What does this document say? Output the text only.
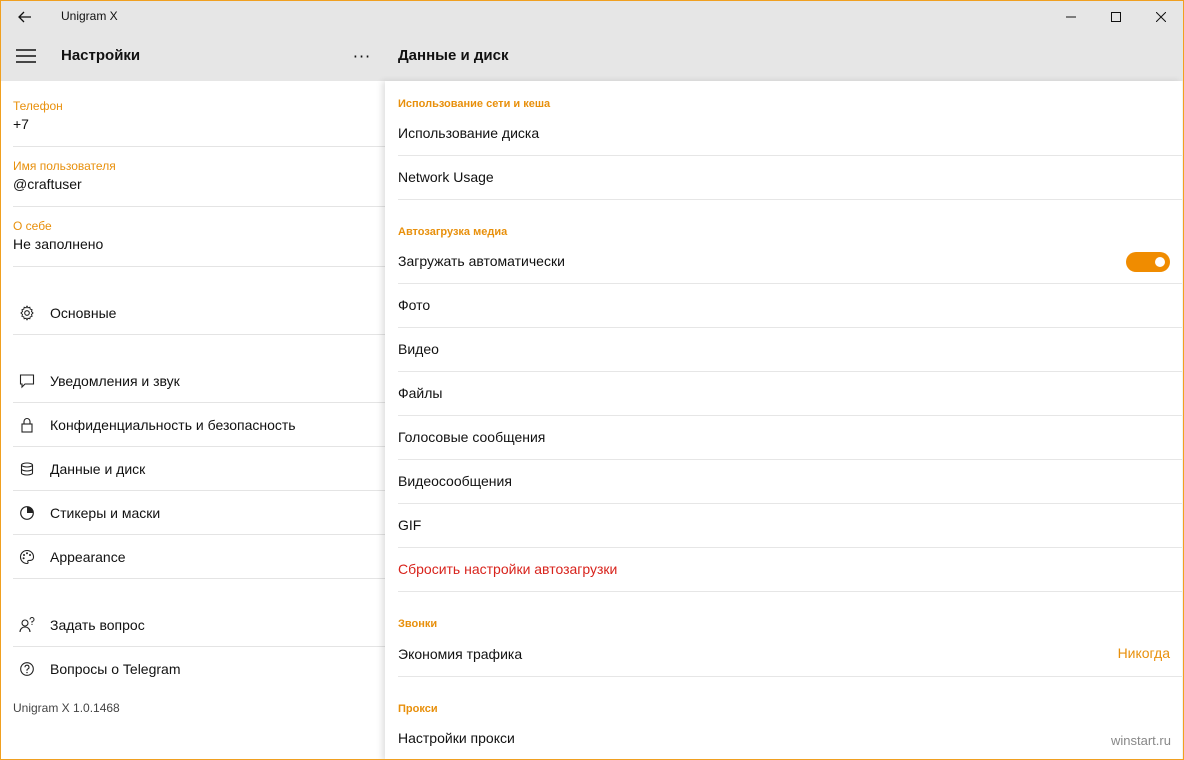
Unigram X
Настройки	···
Телефон
+7
Имя пользователя
@craftuser
О себе
Не заполнено
Основные
Уведомления и звук
Конфиденциальность и безопасность
Данные и диск
Стикеры и маски
Appearance
Задать вопрос
Вопросы о Telegram
Unigram X 1.0.1468
Данные и диск
Использование сети и кеша
Использование диска
Network Usage
Автозагрузка медиа
Загружать автоматически
Фото
Видео
Файлы
Голосовые сообщения
Видеосообщения
GIF
Сбросить настройки автозагрузки
Звонки
Экономия трафика	Никогда
Прокси
Настройки прокси	winstart.ru
